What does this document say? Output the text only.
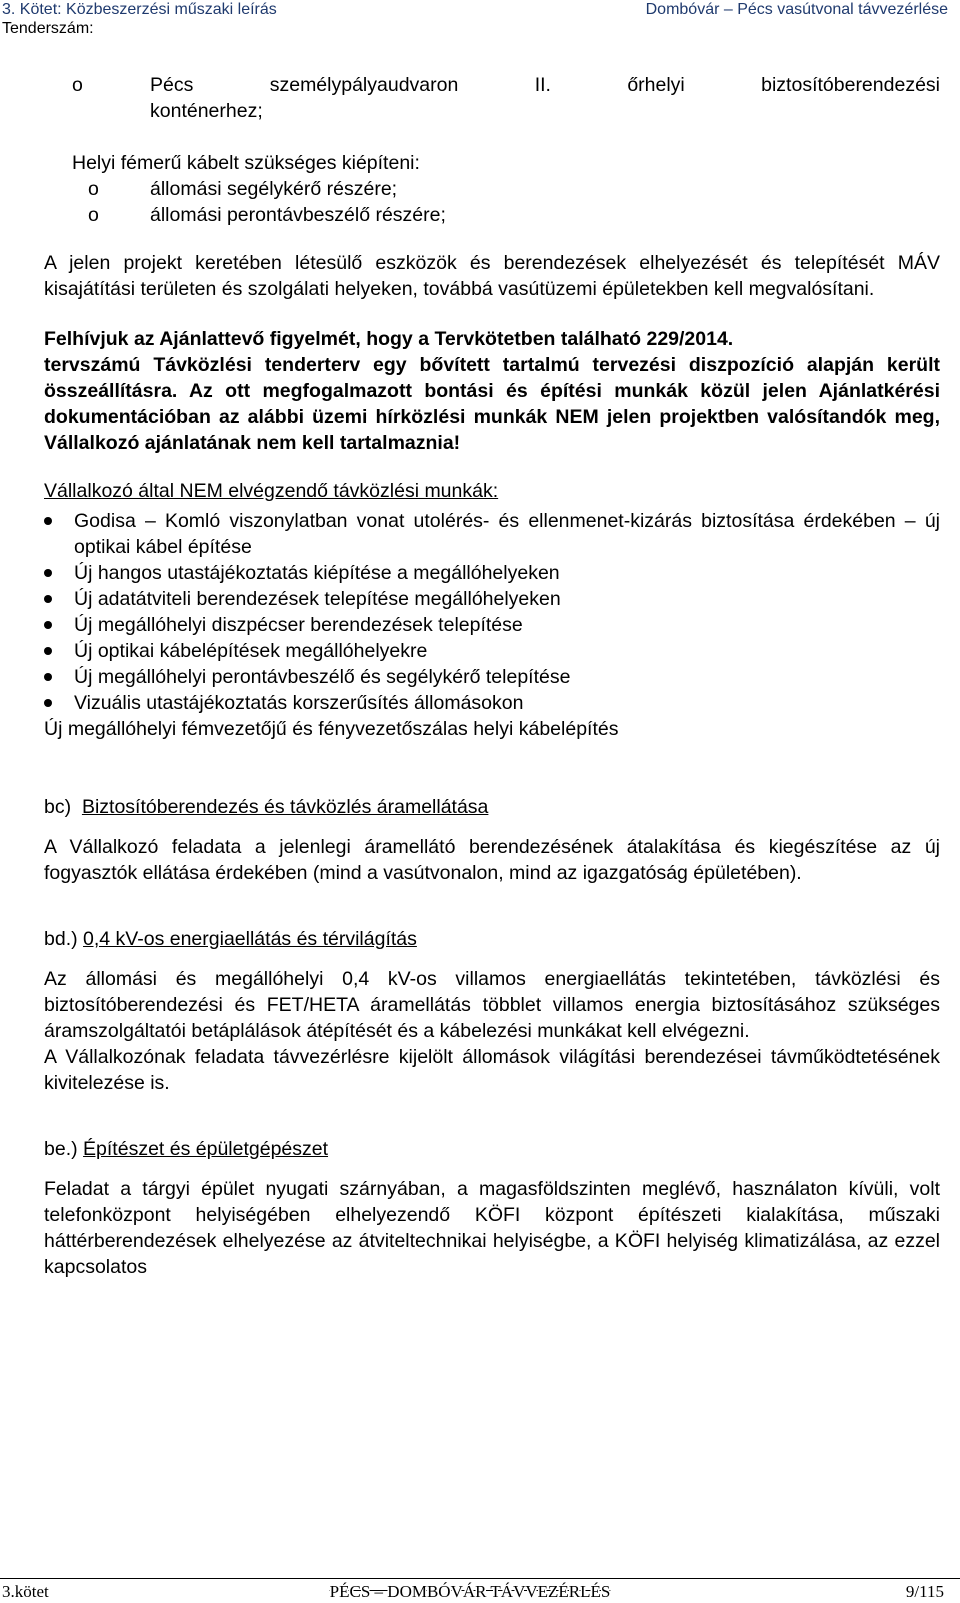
3. Kötet: Közbeszerzési műszaki leírás	Dombóvár – Pécs vasútvonal távvezérlése
Tenderszám:
o	Pécs személypályaudvaron II. őrhelyi biztosítóberendezési
konténerhez;
Helyi fémerű kábelt szükséges kiépíteni:
o	állomási segélykérő részére;
o	állomási perontávbeszélő részére;
A jelen projekt keretében létesülő eszközök és berendezések elhelyezését és telepítését MÁV kisajátítási területen és szolgálati helyeken, továbbá vasútüzemi épületekben kell megvalósítani.
Felhívjuk az Ajánlattevő figyelmét, hogy a Tervkötetben található 229/2014.
tervszámú Távközlési tenderterv egy bővített tartalmú tervezési diszpozíció alapján került összeállításra. Az ott megfogalmazott bontási és építési munkák közül jelen Ajánlatkérési dokumentációban az alábbi üzemi hírközlési munkák NEM jelen projektben valósítandók meg, Vállalkozó ajánlatának nem kell tartalmaznia!
Vállalkozó által NEM elvégzendő távközlési munkák:
Godisa – Komló viszonylatban vonat utolérés- és ellenmenet-kizárás biztosítása érdekében – új optikai kábel építése
Új hangos utastájékoztatás kiépítése a megállóhelyeken
Új adatátviteli berendezések telepítése megállóhelyeken
Új megállóhelyi diszpécser berendezések telepítése
Új optikai kábelépítések megállóhelyekre
Új megállóhelyi perontávbeszélő és segélykérő telepítése
Vizuális utastájékoztatás korszerűsítés állomásokon
Új megállóhelyi fémvezetőjű és fényvezetőszálas helyi kábelépítés
bc) Biztosítóberendezés és távközlés áramellátása
A Vállalkozó feladata a jelenlegi áramellátó berendezésének átalakítása és kiegészítése az új fogyasztók ellátása érdekében (mind a vasútvonalon, mind az igazgatóság épületében).
bd.) 0,4 kV-os energiaellátás és térvilágítás
Az állomási és megállóhelyi 0,4 kV-os villamos energiaellátás tekintetében, távközlési és biztosítóberendezési és FET/HETA áramellátás többlet villamos energia biztosításához szükséges áramszolgáltatói betáplálások átépítését és a kábelezési munkákat kell elvégezni.
A Vállalkozónak feladata távvezérlésre kijelölt állomások világítási berendezései távműködtetésének kivitelezése is.
be.) Építészet és épületgépészet
Feladat a tárgyi épület nyugati szárnyában, a magasföldszinten meglévő, használaton kívüli, volt telefonközpont helyiségében elhelyezendő KÖFI központ építészeti kialakítása, műszaki háttérberendezések elhelyezése az átviteltechnikai helyiségbe, a KÖFI helyiség klimatizálása, az ezzel kapcsolatos
3.kötet	PÉCS – DOMBÓVÁR TÁVVEZÉRLÉS	9/115
